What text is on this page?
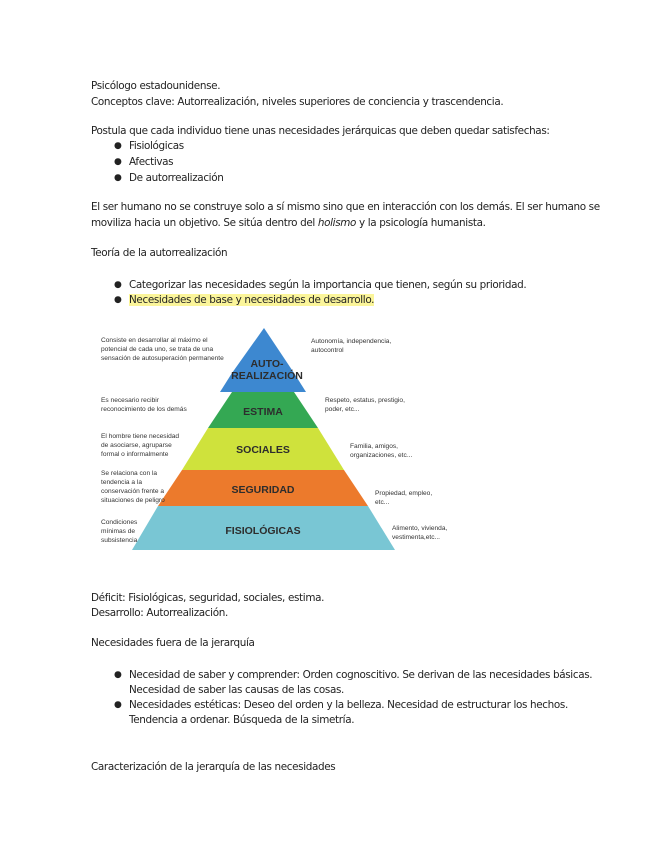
Psicólogo estadounidense.
Conceptos clave: Autorrealización, niveles superiores de conciencia y trascendencia.
Postula que cada individuo tiene unas necesidades jerárquicas que deben quedar satisfechas:
● Fisiológicas
● Afectivas
● De autorrealización
El ser humano no se construye solo a sí mismo sino que en interacción con los demás. El ser humano se
moviliza hacia un objetivo. Se sitúa dentro del holismo y la psicología humanista.
Teoría de la autorrealización
● Categorizar las necesidades según la importancia que tienen, según su prioridad.
● Necesidades de base y necesidades de desarrollo.
AUTO-
REALIZACIÓN
ESTIMA
SOCIALES
SEGURIDAD
FISIOLÓGICAS
Consiste en desarrollar al máximo el
potencial de cada uno, se trata de una
sensación de autosuperación permanente
Es necesario recibir
reconocimiento de los demás
El hombre tiene necesidad
de asociarse, agruparse
formal o informalmente
Se relaciona con la
tendencia a la
conservación frente a
situaciones de peligro
Condiciones
mínimas de
subsistencia
Autonomía, independencia,
autocontrol
Respeto, estatus, prestigio,
poder, etc...
Familia, amigos,
organizaciones, etc...
Propiedad, empleo,
etc...
Alimento, vivienda,
vestimenta,etc...
Déficit: Fisiológicas, seguridad, sociales, estima.
Desarrollo: Autorrealización.
Necesidades fuera de la jerarquía
● Necesidad de saber y comprender: Orden cognoscitivo. Se derivan de las necesidades básicas.
Necesidad de saber las causas de las cosas.
● Necesidades estéticas: Deseo del orden y la belleza. Necesidad de estructurar los hechos.
Tendencia a ordenar. Búsqueda de la simetría.
Caracterización de la jerarquía de las necesidades
